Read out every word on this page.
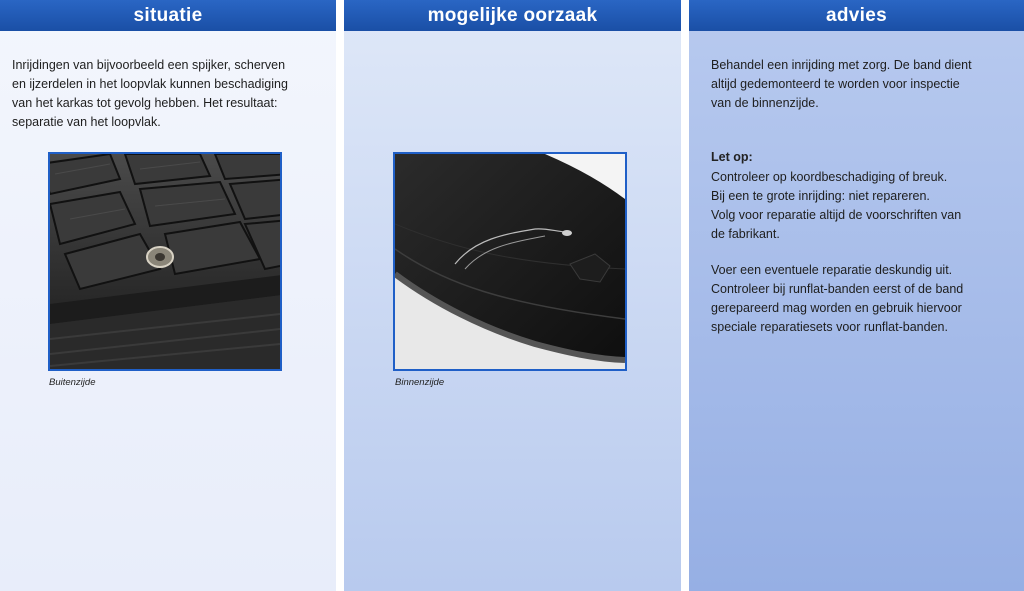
situatie
Inrijdingen van bijvoorbeeld een spijker, scherven
en ijzerdelen in het loopvlak kunnen beschadiging
van het karkas tot gevolg hebben. Het resultaat:
separatie van het loopvlak.
Buitenzijde
mogelijke oorzaak
Binnenzijde
advies
Behandel een inrijding met zorg. De band dient
altijd gedemonteerd te worden voor inspectie
van de binnenzijde.
Let op:
Controleer op koordbeschadiging of breuk.
Bij een te grote inrijding: niet repareren.
Volg voor reparatie altijd de voorschriften van
de fabrikant.
Voer een eventuele reparatie deskundig uit.
Controleer bij runflat-banden eerst of de band
gerepareerd mag worden en gebruik hiervoor
speciale reparatiesets voor runflat-banden.
